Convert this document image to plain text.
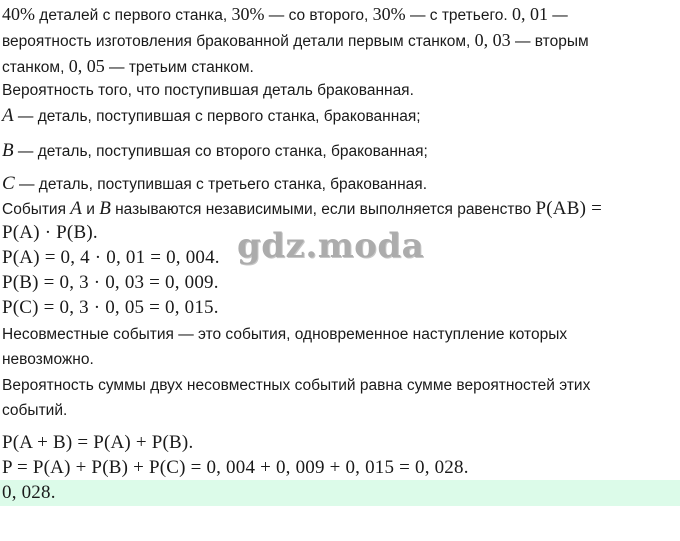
40% деталей с первого станка, 30% — со второго, 30% — с третьего. 0, 01 —
вероятность изготовления бракованной детали первым станком, 0, 03 — вторым
станком, 0, 05 — третьим станком.
Вероятность того, что поступившая деталь бракованная.
A — деталь, поступившая с первого станка, бракованная;
B — деталь, поступившая со второго станка, бракованная;
C — деталь, поступившая с третьего станка, бракованная.
События A и B называются независимыми, если выполняется равенство P(AB) =
P(A) · P(B).
P(A) = 0, 4 · 0, 01 = 0, 004.
P(B) = 0, 3 · 0, 03 = 0, 009.
P(C) = 0, 3 · 0, 05 = 0, 015.
Несовместные события — это события, одновременное наступление которых
невозможно.
Вероятность суммы двух несовместных событий равна сумме вероятностей этих
событий.
P(A + B) = P(A) + P(B).
P = P(A) + P(B) + P(C) = 0, 004 + 0, 009 + 0, 015 = 0, 028.
0, 028.
gdz.moda
